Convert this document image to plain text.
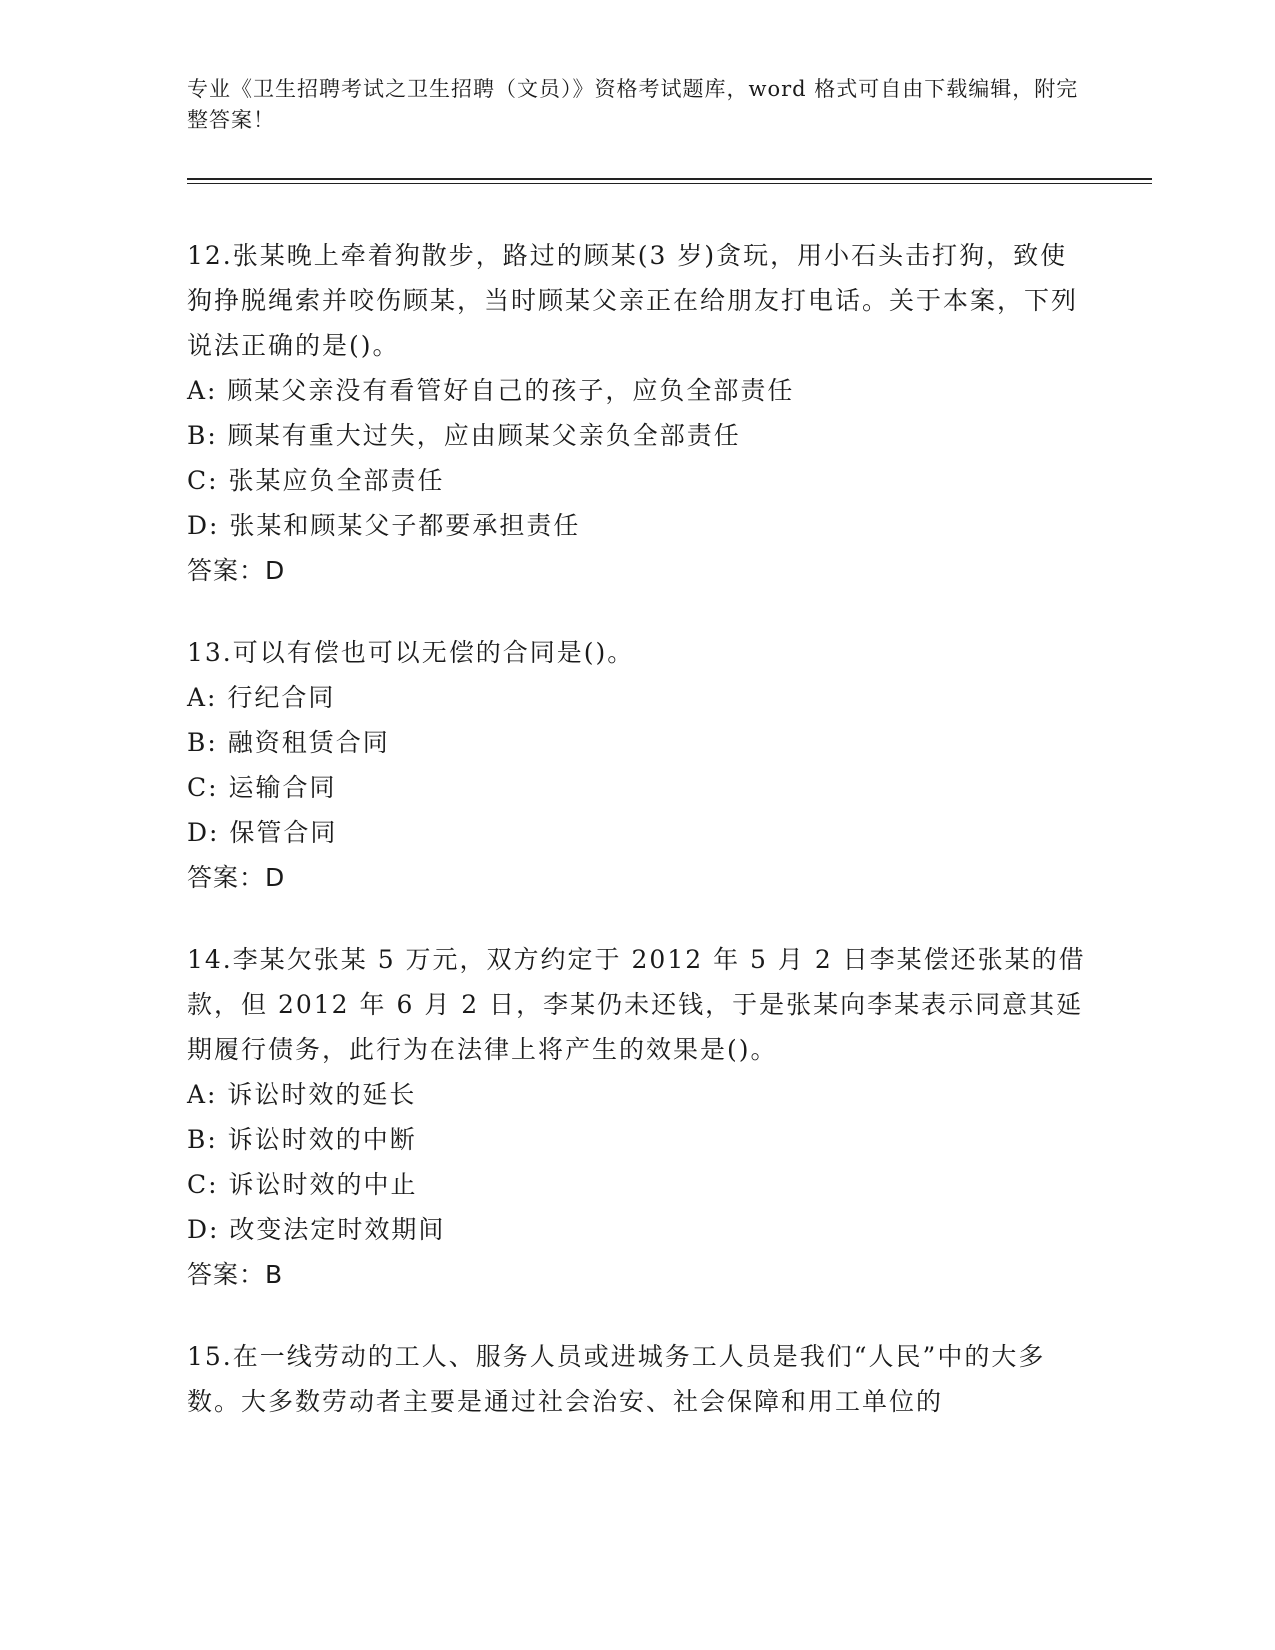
专业《卫生招聘考试之卫生招聘（文员）》资格考试题库，word 格式可自由下载编辑，附完整答案！

12.张某晚上牵着狗散步，路过的顾某(3 岁)贪玩，用小石头击打狗，致使狗挣脱绳索并咬伤顾某，当时顾某父亲正在给朋友打电话。关于本案，下列说法正确的是()。

A: 顾某父亲没有看管好自己的孩子，应负全部责任

B: 顾某有重大过失，应由顾某父亲负全部责任

C: 张某应负全部责任

D: 张某和顾某父子都要承担责任

答案：D

13.可以有偿也可以无偿的合同是()。

A: 行纪合同

B: 融资租赁合同

C: 运输合同

D: 保管合同

答案：D

14.李某欠张某 5 万元，双方约定于 2012 年 5 月 2 日李某偿还张某的借款，但 2012 年 6 月 2 日，李某仍未还钱，于是张某向李某表示同意其延期履行债务，此行为在法律上将产生的效果是()。

A: 诉讼时效的延长

B: 诉讼时效的中断

C: 诉讼时效的中止

D: 改变法定时效期间

答案：B

15.在一线劳动的工人、服务人员或进城务工人员是我们“人民”中的大多数。大多数劳动者主要是通过社会治安、社会保障和用工单位的
